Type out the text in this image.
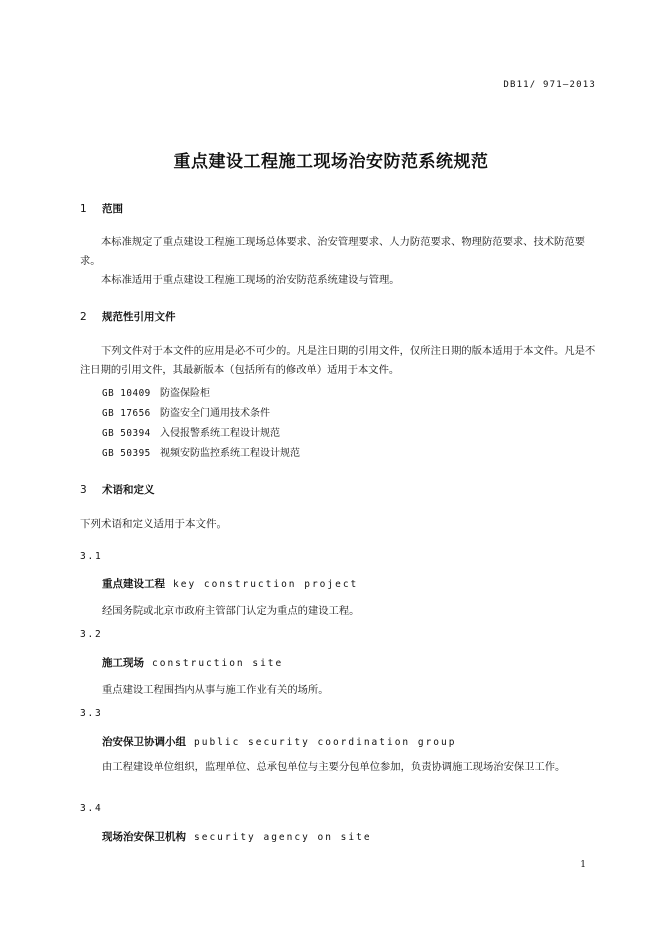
DB11/ 971—2013
重点建设工程施工现场治安防范系统规范
1 范围
本标准规定了重点建设工程施工现场总体要求、治安管理要求、人力防范要求、物理防范要求、技术防范要求。
本标准适用于重点建设工程施工现场的治安防范系统建设与管理。
2 规范性引用文件
下列文件对于本文件的应用是必不可少的。凡是注日期的引用文件，仅所注日期的版本适用于本文件。凡是不注日期的引用文件，其最新版本（包括所有的修改单）适用于本文件。
GB 10409 防盗保险柜
GB 17656 防盗安全门通用技术条件
GB 50394 入侵报警系统工程设计规范
GB 50395 视频安防监控系统工程设计规范
3 术语和定义
下列术语和定义适用于本文件。
3.1
重点建设工程 key construction project
经国务院或北京市政府主管部门认定为重点的建设工程。
3.2
施工现场 construction site
重点建设工程围挡内从事与施工作业有关的场所。
3.3
治安保卫协调小组 public security coordination group
由工程建设单位组织，监理单位、总承包单位与主要分包单位参加，负责协调施工现场治安保卫工作。
3.4
现场治安保卫机构 security agency on site
1
